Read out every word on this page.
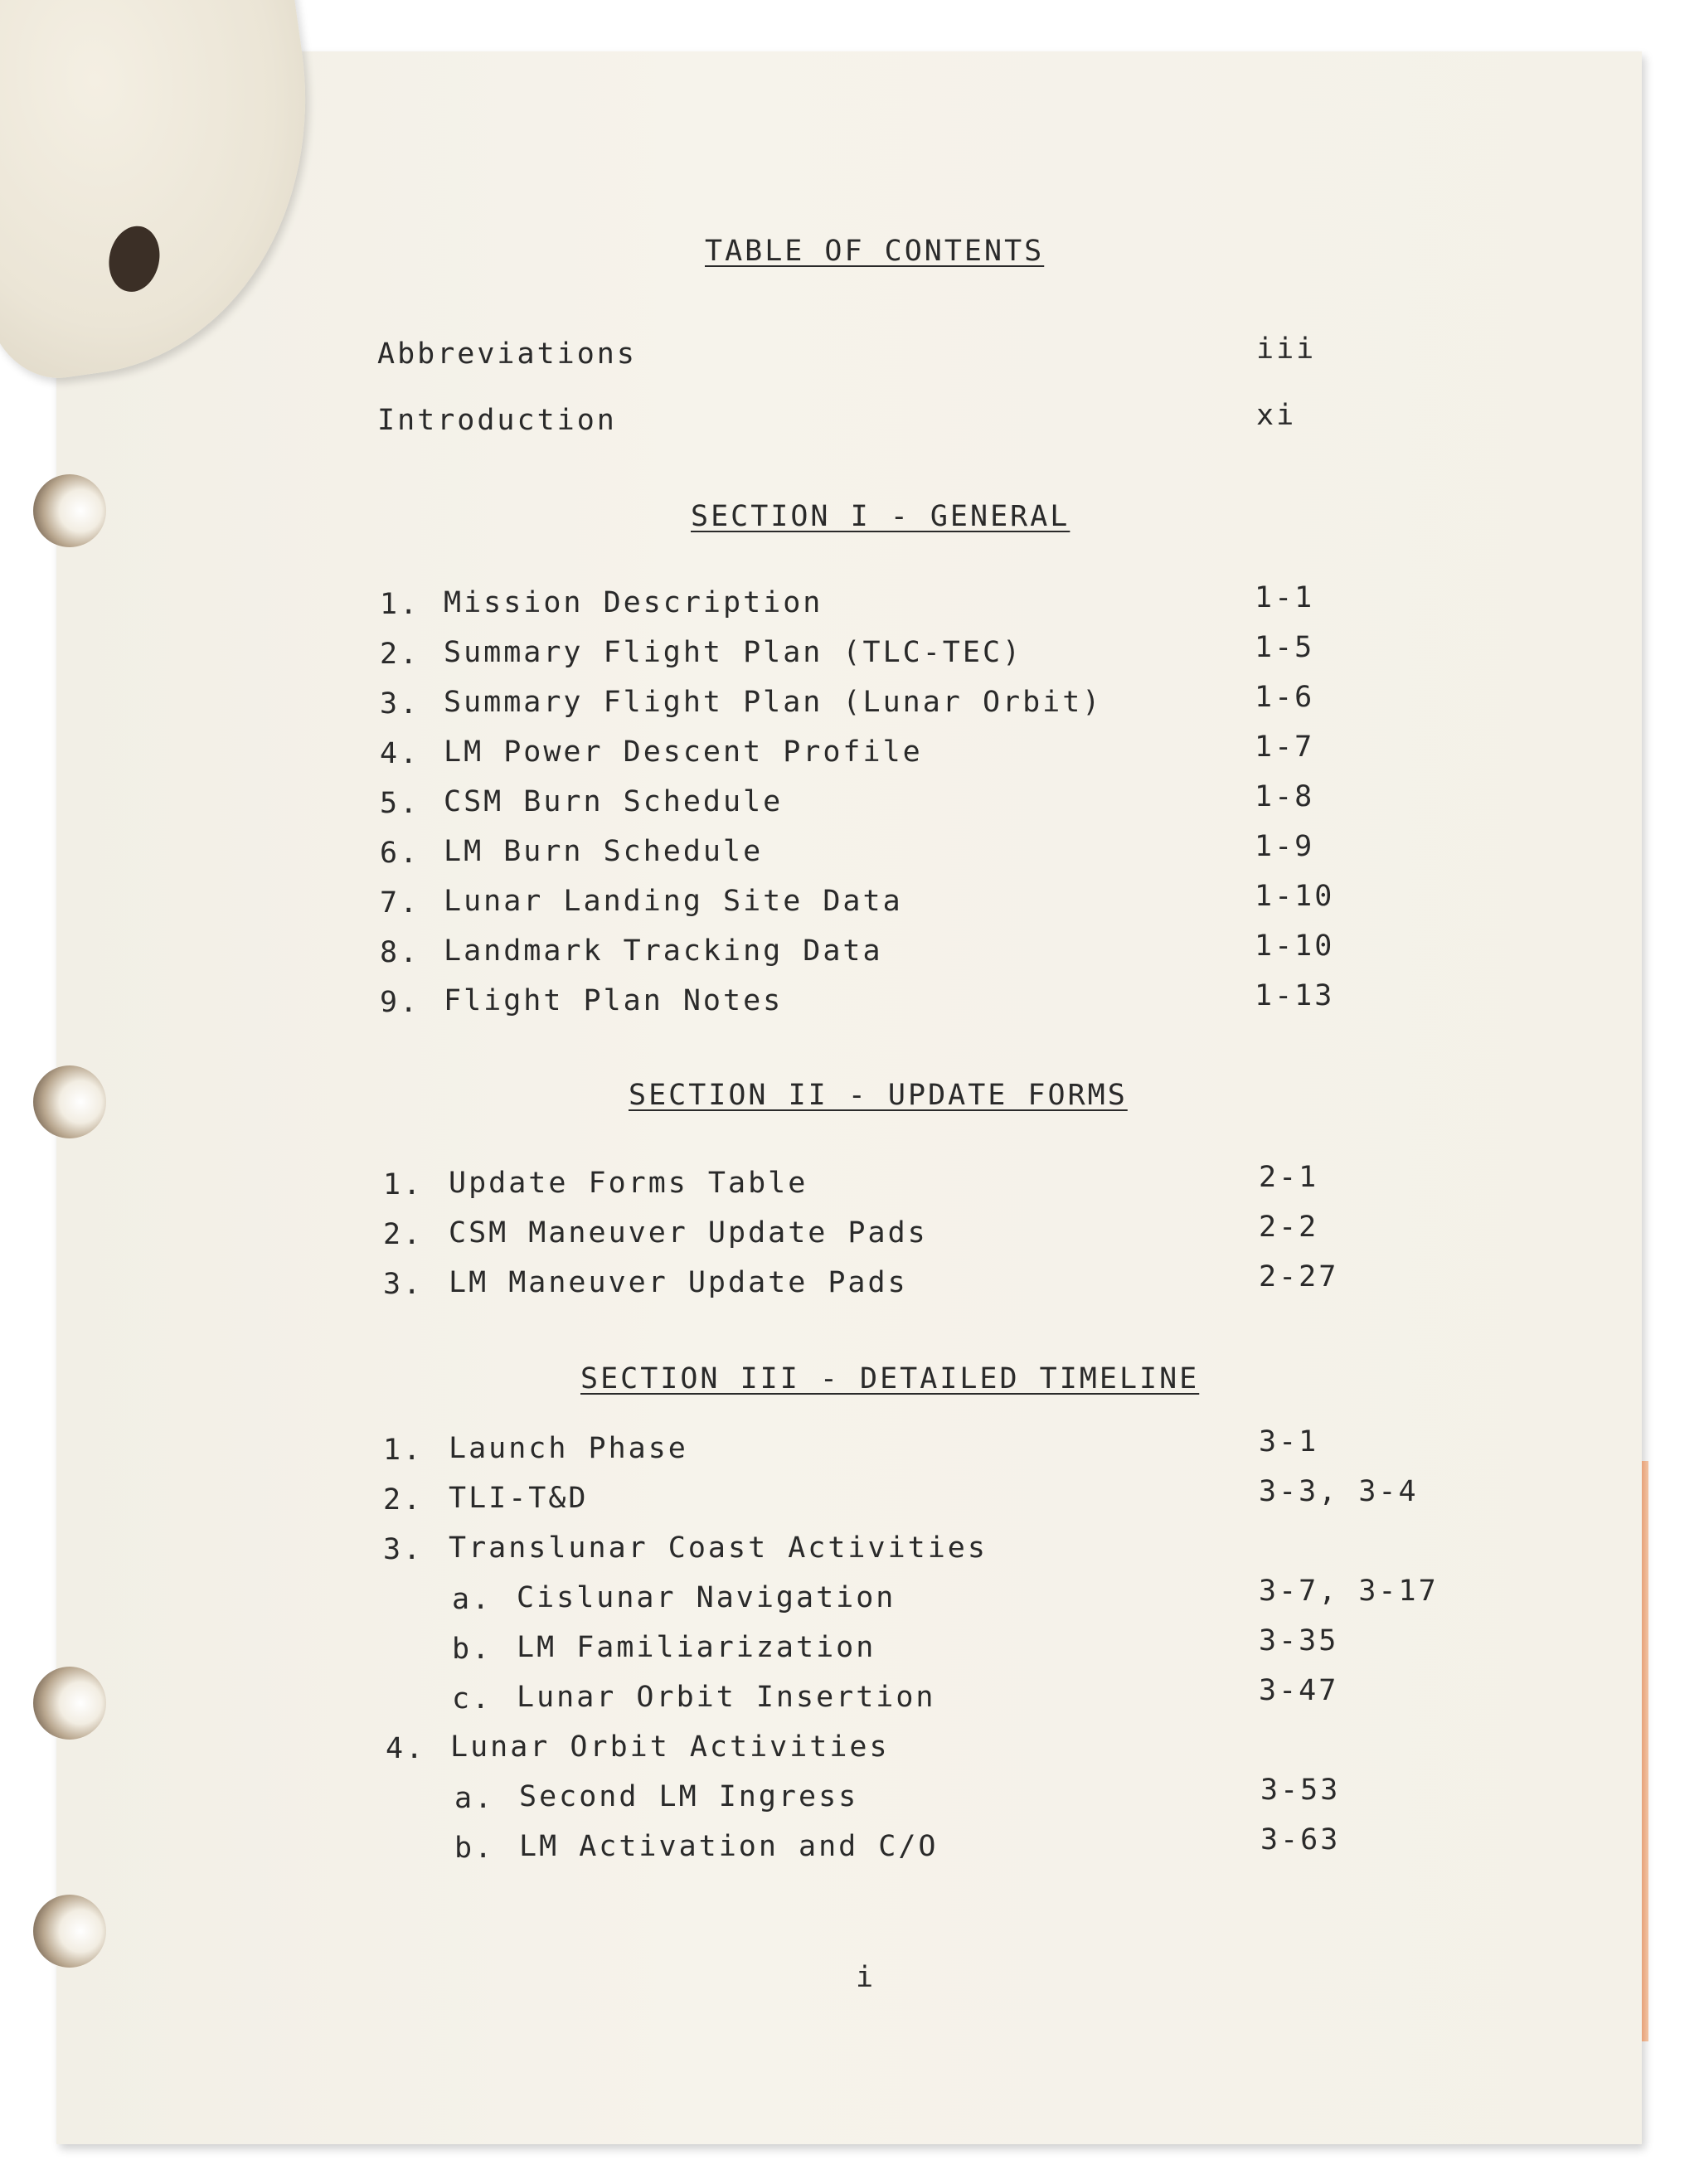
TABLE OF CONTENTS
Abbreviations	iii
Introduction	xi
SECTION I - GENERAL
1. Mission Description	1-1
2. Summary Flight Plan (TLC-TEC)	1-5
3. Summary Flight Plan (Lunar Orbit)	1-6
4. LM Power Descent Profile	1-7
5. CSM Burn Schedule	1-8
6. LM Burn Schedule	1-9
7. Lunar Landing Site Data	1-10
8. Landmark Tracking Data	1-10
9. Flight Plan Notes	1-13
SECTION II - UPDATE FORMS
1. Update Forms Table	2-1
2. CSM Maneuver Update Pads	2-2
3. LM Maneuver Update Pads	2-27
SECTION III - DETAILED TIMELINE
1. Launch Phase	3-1
2. TLI-T&D	3-3, 3-4
3. Translunar Coast Activities
a. Cislunar Navigation	3-7, 3-17
b. LM Familiarization	3-35
c. Lunar Orbit Insertion	3-47
4. Lunar Orbit Activities
a. Second LM Ingress	3-53
b. LM Activation and C/O	3-63
i
